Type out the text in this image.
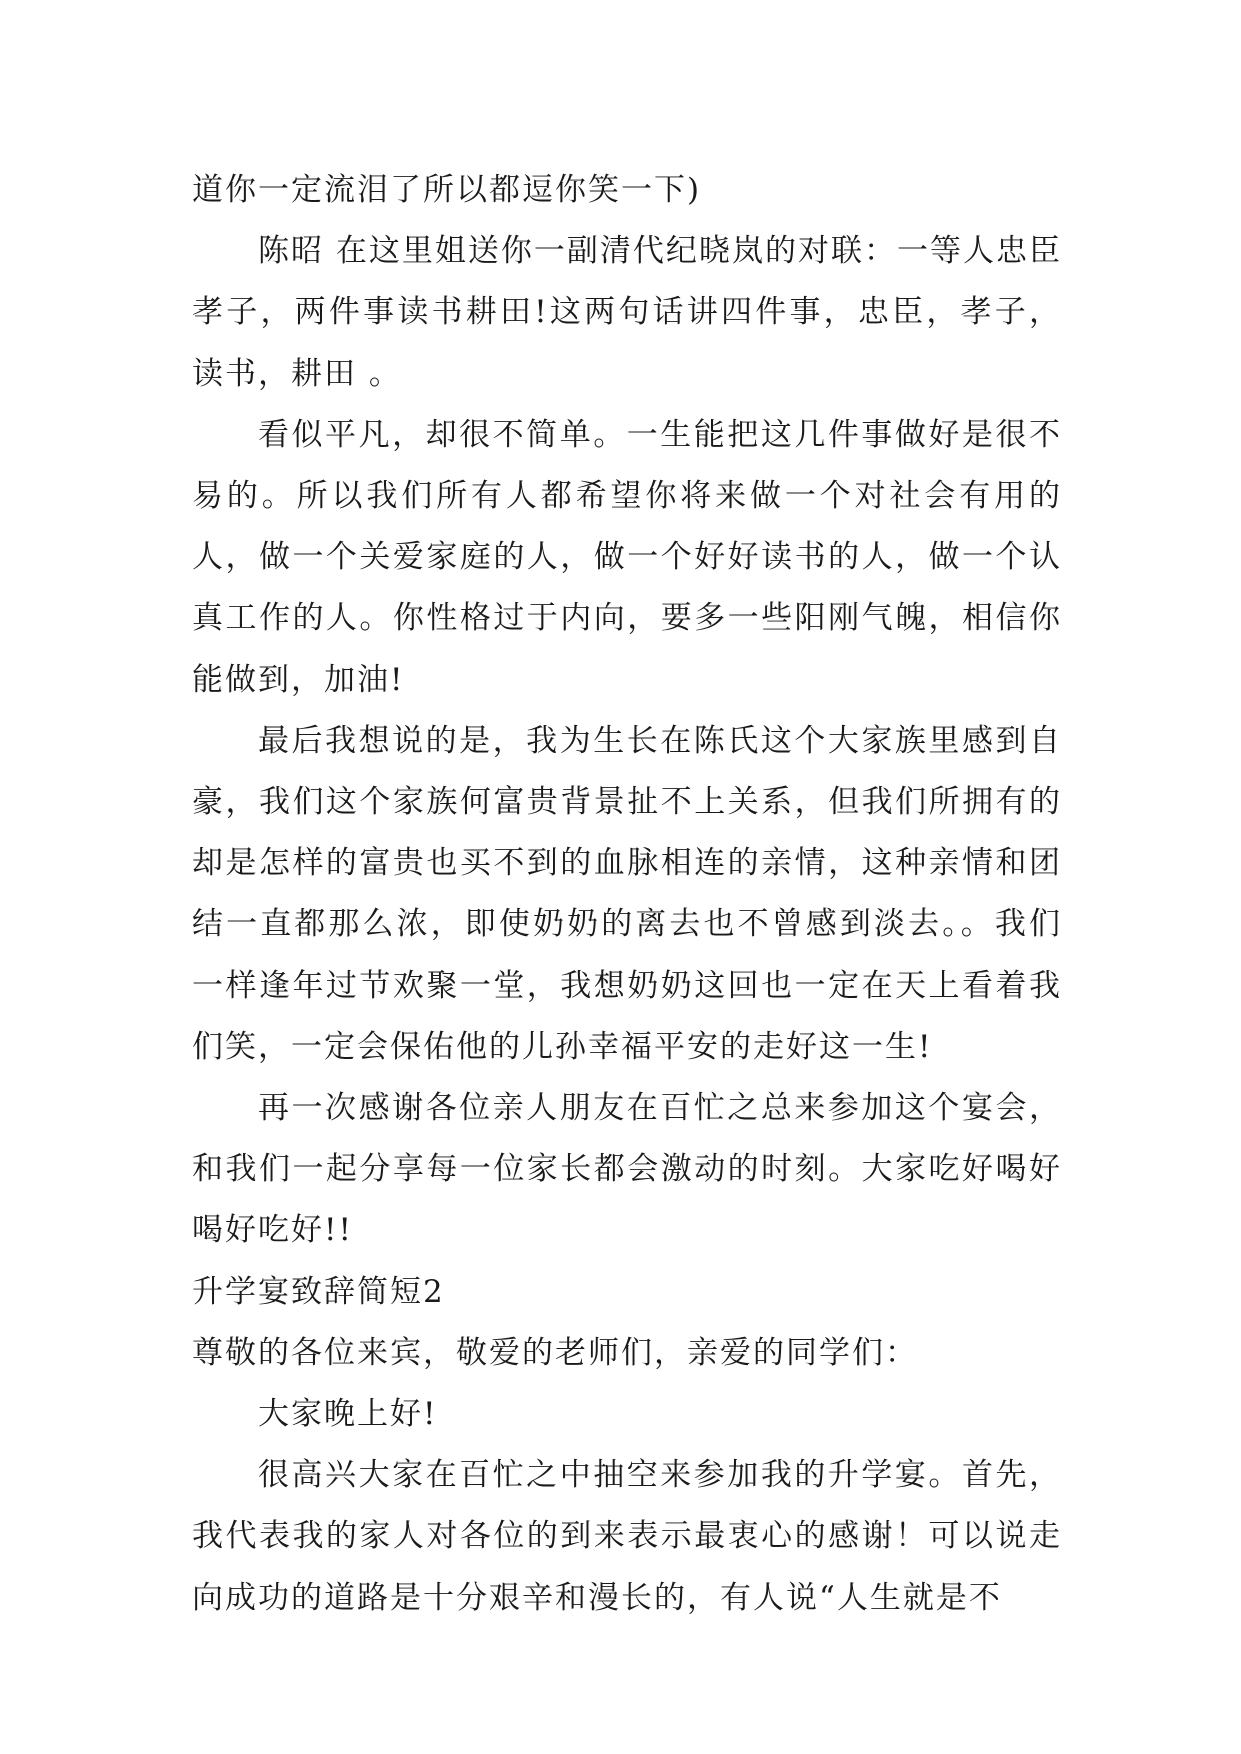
道你一定流泪了所以都逗你笑一下)

陈昭 在这里姐送你一副清代纪晓岚的对联：一等人忠臣孝子，两件事读书耕田!这两句话讲四件事，忠臣，孝子，读书，耕田 。

看似平凡，却很不简单。一生能把这几件事做好是很不易的。所以我们所有人都希望你将来做一个对社会有用的人，做一个关爱家庭的人，做一个好好读书的人，做一个认真工作的人。你性格过于内向，要多一些阳刚气魄，相信你能做到，加油!

最后我想说的是，我为生长在陈氏这个大家族里感到自豪，我们这个家族何富贵背景扯不上关系，但我们所拥有的却是怎样的富贵也买不到的血脉相连的亲情，这种亲情和团结一直都那么浓，即使奶奶的离去也不曾感到淡去。。我们一样逢年过节欢聚一堂，我想奶奶这回也一定在天上看着我们笑，一定会保佑他的儿孙幸福平安的走好这一生!

再一次感谢各位亲人朋友在百忙之总来参加这个宴会，和我们一起分享每一位家长都会激动的时刻。大家吃好喝好喝好吃好!!

升学宴致辞简短2

尊敬的各位来宾，敬爱的老师们，亲爱的同学们：

大家晚上好!

很高兴大家在百忙之中抽空来参加我的升学宴。首先，我代表我的家人对各位的到来表示最衷心的感谢！可以说走向成功的道路是十分艰辛和漫长的，有人说“人生就是不
